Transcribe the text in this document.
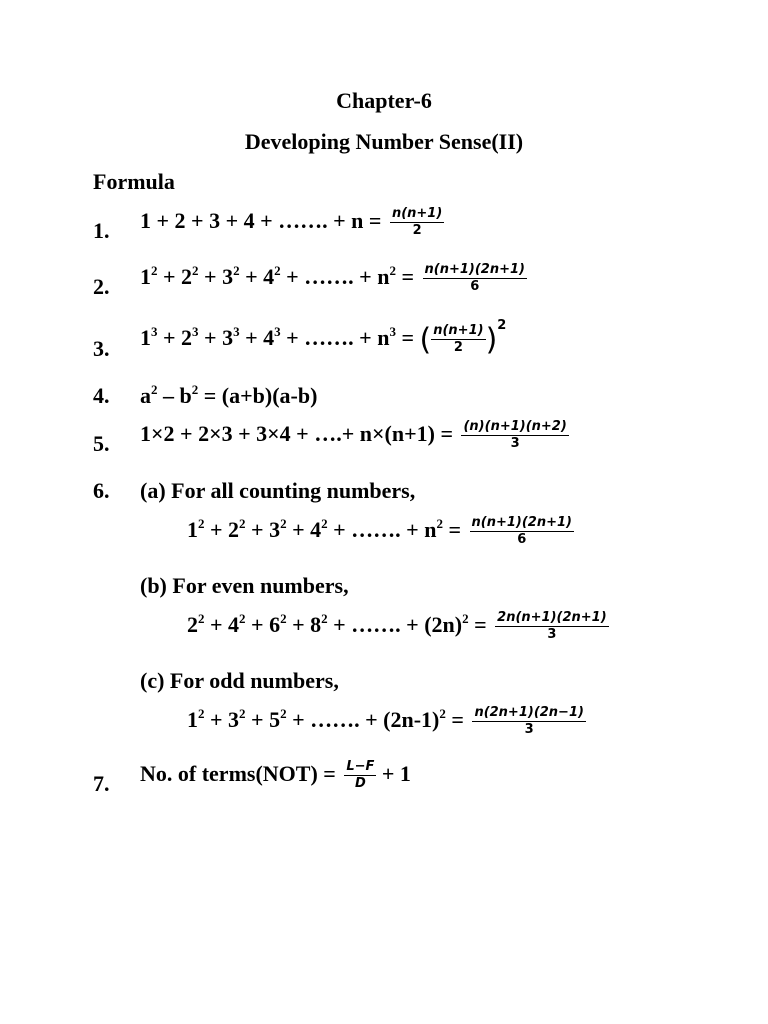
Chapter-6
Developing Number Sense(II)
Formula
1. 1 + 2 + 3 + 4 + ……. + $n = \frac{n(n+1)}{2}$
2. $1^2 + 2^2 + 3^2 + 4^2$ + ……. + $n^2 = \frac{n(n+1)(2n+1)}{6}$
3. $1^3 + 2^3 + 3^3 + 4^3$ + ……. + $n^3$ = ( $\frac{n(n+1)}{2} )^2$
4. $a^2 - b^2 = (a+b)(a-b)$
5. 1×2 + 2×3 + 3×4 + ….+ $n\times(n+1) = \frac{(n)(n+1)(n+2)}{3}$
6. (a) For all counting numbers,
$1^2 + 2^2 + 3^2 + 4^2$ + ……. + $n^2 = \frac{n(n+1)(2n+1)}{6}$
(b) For even numbers,
$2^2 + 4^2 + 6^2 + 8^2$ + ……. + $(2n)^2 = \frac{2n(n+1)(2n+1)}{3}$
(c) For odd numbers,
$1^2 + 3^2 + 5^2$ + ……. + $(2n-1)^2 = \frac{n(2n+1)(2n-1)}{3}$
7. No. of terms(NOT) = $\frac{L-F}{D} + 1$
